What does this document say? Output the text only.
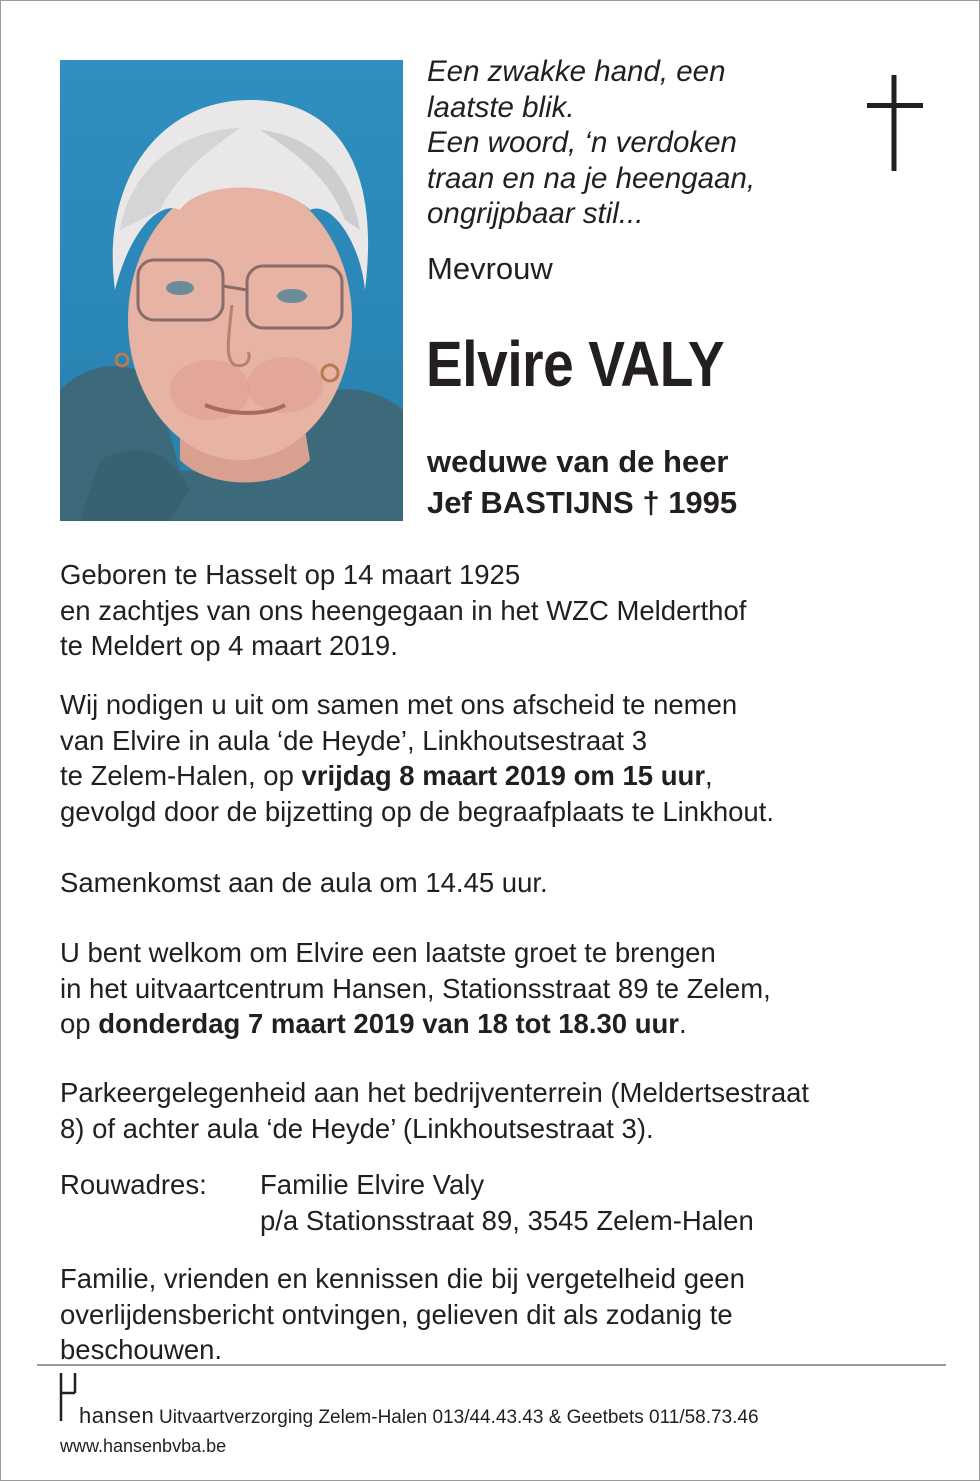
Een zwakke hand, een
laatste blik.
Een woord, ‘n verdoken
traan en na je heengaan,
ongrijpbaar stil...
Mevrouw
Elvire VALY
weduwe van de heer
Jef BASTIJNS † 1995
Geboren te Hasselt op 14 maart 1925
en zachtjes van ons heengegaan in het WZC Melderthof
te Meldert op 4 maart 2019.
Wij nodigen u uit om samen met ons afscheid te nemen
van Elvire in aula ‘de Heyde’, Linkhoutsestraat 3
te Zelem-Halen, op vrijdag 8 maart 2019 om 15 uur,
gevolgd door de bijzetting op de begraafplaats te Linkhout.
Samenkomst aan de aula om 14.45 uur.
U bent welkom om Elvire een laatste groet te brengen
in het uitvaartcentrum Hansen, Stationsstraat 89 te Zelem,
op donderdag 7 maart 2019 van 18 tot 18.30 uur.
Parkeergelegenheid aan het bedrijventerrein (Meldertsestraat
8) of achter aula ‘de Heyde’ (Linkhoutsestraat 3).
Rouwadres: Familie Elvire Valy
p/a Stationsstraat 89, 3545 Zelem-Halen
Familie, vrienden en kennissen die bij vergetelheid geen
overlijdensbericht ontvingen, gelieven dit als zodanig te
beschouwen.
hansen Uitvaartverzorging Zelem-Halen 013/44.43.43 & Geetbets 011/58.73.46
www.hansenbvba.be
